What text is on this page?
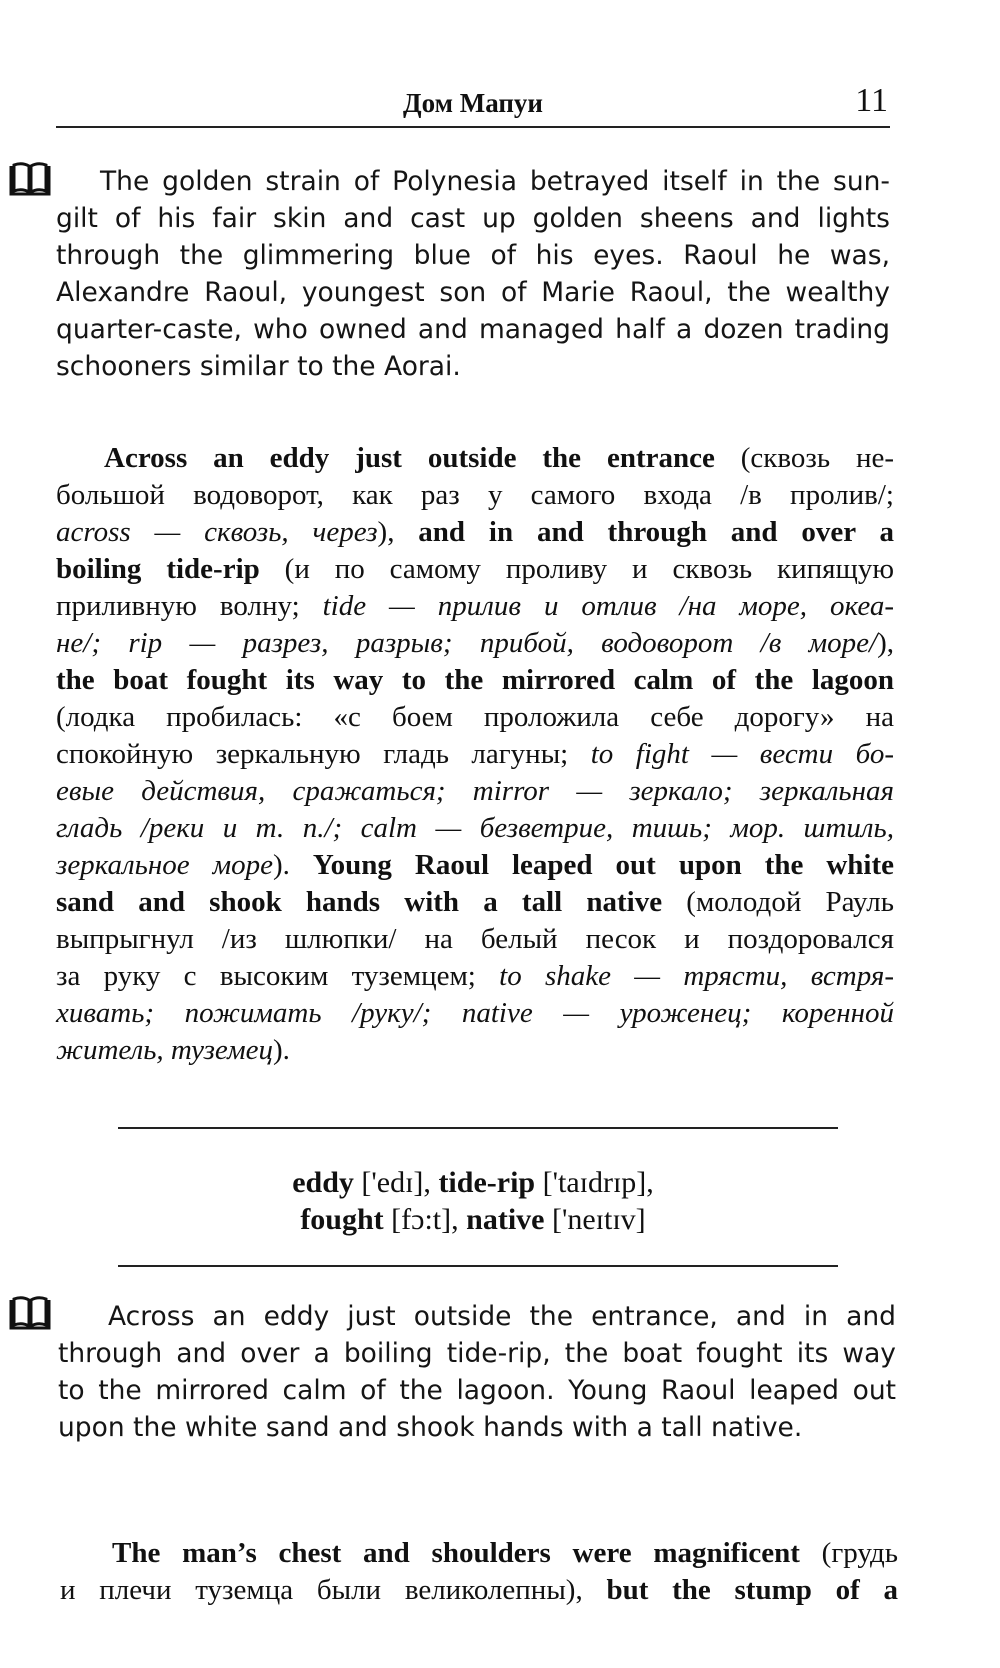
Дом Мапуи	11
The golden strain of Polynesia betrayed itself in the sun-
gilt of his fair skin and cast up golden sheens and lights
through the glimmering blue of his eyes. Raoul he was,
Alexandre Raoul, youngest son of Marie Raoul, the wealthy
quarter-caste, who owned and managed half a dozen trading
schooners similar to the Aorai.
Across an eddy just outside the entrance (сквозь не-
большой водоворот, как раз у самого входа /в пролив/;
across — сквозь, через), and in and through and over a
boiling tide-rip (и по самому проливу и сквозь кипящую
приливную волну; tide — прилив и отлив /на море, океа-
не/; rip — разрез, разрыв; прибой, водоворот /в море/),
the boat fought its way to the mirrored calm of the lagoon
(лодка пробилась: «с боем проложила себе дорогу» на
спокойную зеркальную гладь лагуны; to fight — вести бо-
евые действия, сражаться; mirror — зеркало; зеркальная
гладь /реки и т. п./; calm — безветрие, тишь; мор. штиль,
зеркальное море). Young Raoul leaped out upon the white
sand and shook hands with a tall native (молодой Рауль
выпрыгнул /из шлюпки/ на белый песок и поздоровался
за руку с высоким туземцем; to shake — трясти, встря-
хивать; пожимать /руку/; native — уроженец; коренной
житель, туземец).
eddy ['edɪ], tide-rip ['taɪdrɪp],
fought [fɔ:t], native ['neɪtɪv]
Across an eddy just outside the entrance, and in and
through and over a boiling tide-rip, the boat fought its way
to the mirrored calm of the lagoon. Young Raoul leaped out
upon the white sand and shook hands with a tall native.
The man’s chest and shoulders were magnificent (грудь
и плечи туземца были великолепны), but the stump of a
